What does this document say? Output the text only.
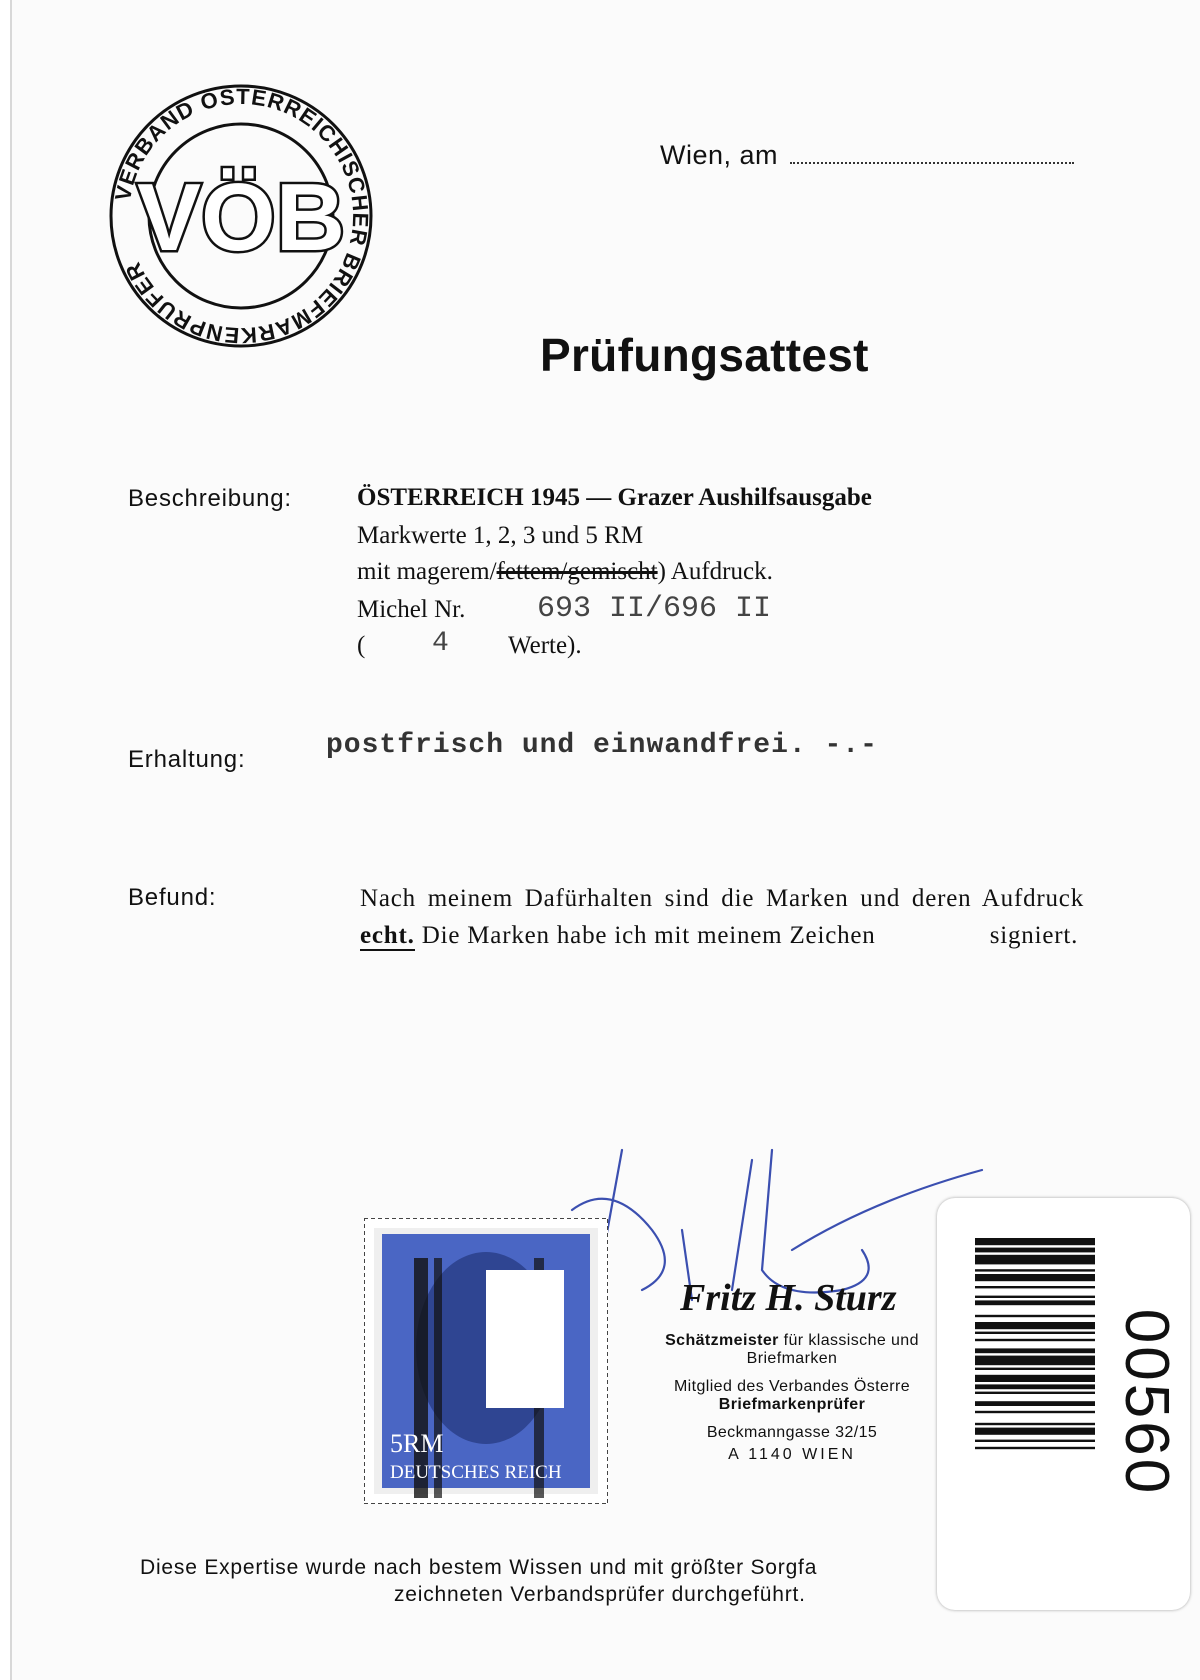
VERBAND ÖSTERREICHISCHER BRIEFMARKENPRÜFER
VÖB
Wien, am
Prüfungsattest
Beschreibung:	ÖSTERREICH 1945 — Grazer Aushilfsausgabe
Markwerte 1, 2, 3 und 5 RM
mit magerem/fettem/gemischt) Aufdruck.
Michel Nr. 693 II/696 II
( 4 Werte).
Erhaltung:	postfrisch und einwandfrei. -.-
Befund:	Nach meinem Dafürhalten sind die Marken und deren Aufdruck echt. Die Marken habe ich mit meinem Zeichen	signiert.
5RM
DEUTSCHES REICH
Fritz H. Sturz
Schätzmeister für klassische und
Briefmarken
Mitglied des Verbandes Österre
Briefmarkenprüfer
Beckmanngasse 32/15
A 1140 WIEN
Diese Expertise wurde nach bestem Wissen und mit größter Sorgfa
zeichneten Verbandsprüfer durchgeführt.
00560
